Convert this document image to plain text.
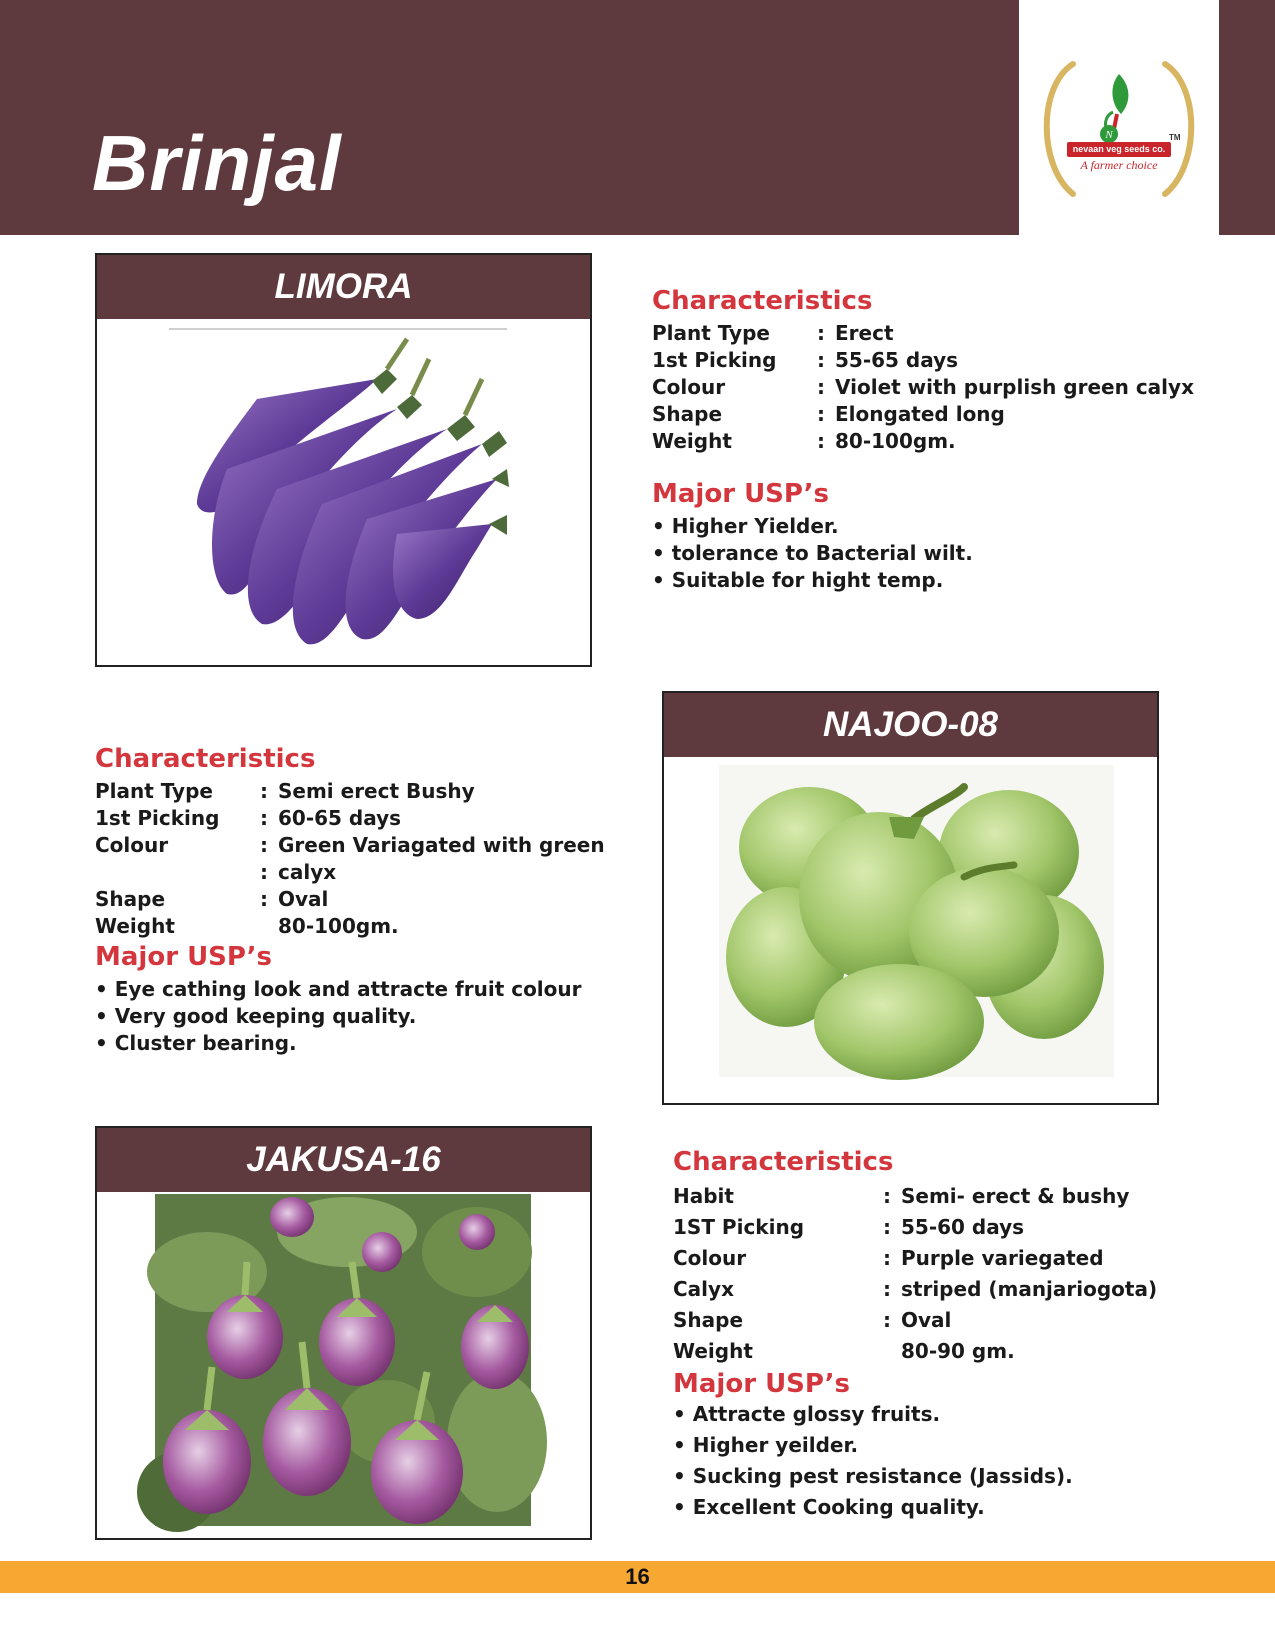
Brinjal	N
nevaan veg seeds co.
A farmer choice
TM
LIMORA	Characteristics
Plant Type	: Erect
1st Picking	: 55-65 days
Colour	: Violet with purplish green calyx
Shape	: Elongated long
Weight	: 80-100gm.
Major USP’s
• Higher Yielder.
• tolerance to Bacterial wilt.
• Suitable for hight temp.
NAJOO-08
Characteristics
Plant Type	: Semi erect Bushy
1st Picking	: 60-65 days
Colour	: Green Variagated with green
: calyx
Shape	: Oval
Weight	80-100gm.
Major USP’s
• Eye cathing look and attracte fruit colour
• Very good keeping quality.
• Cluster bearing.
JAKUSA-16	Characteristics
Habit	: Semi- erect & bushy
1ST Picking	: 55-60 days
Colour	: Purple variegated
Calyx	: striped (manjariogota)
Shape	: Oval
Weight	80-90 gm.
Major USP’s
• Attracte glossy fruits.
• Higher yeilder.
• Sucking pest resistance (Jassids).
• Excellent Cooking quality.
16
